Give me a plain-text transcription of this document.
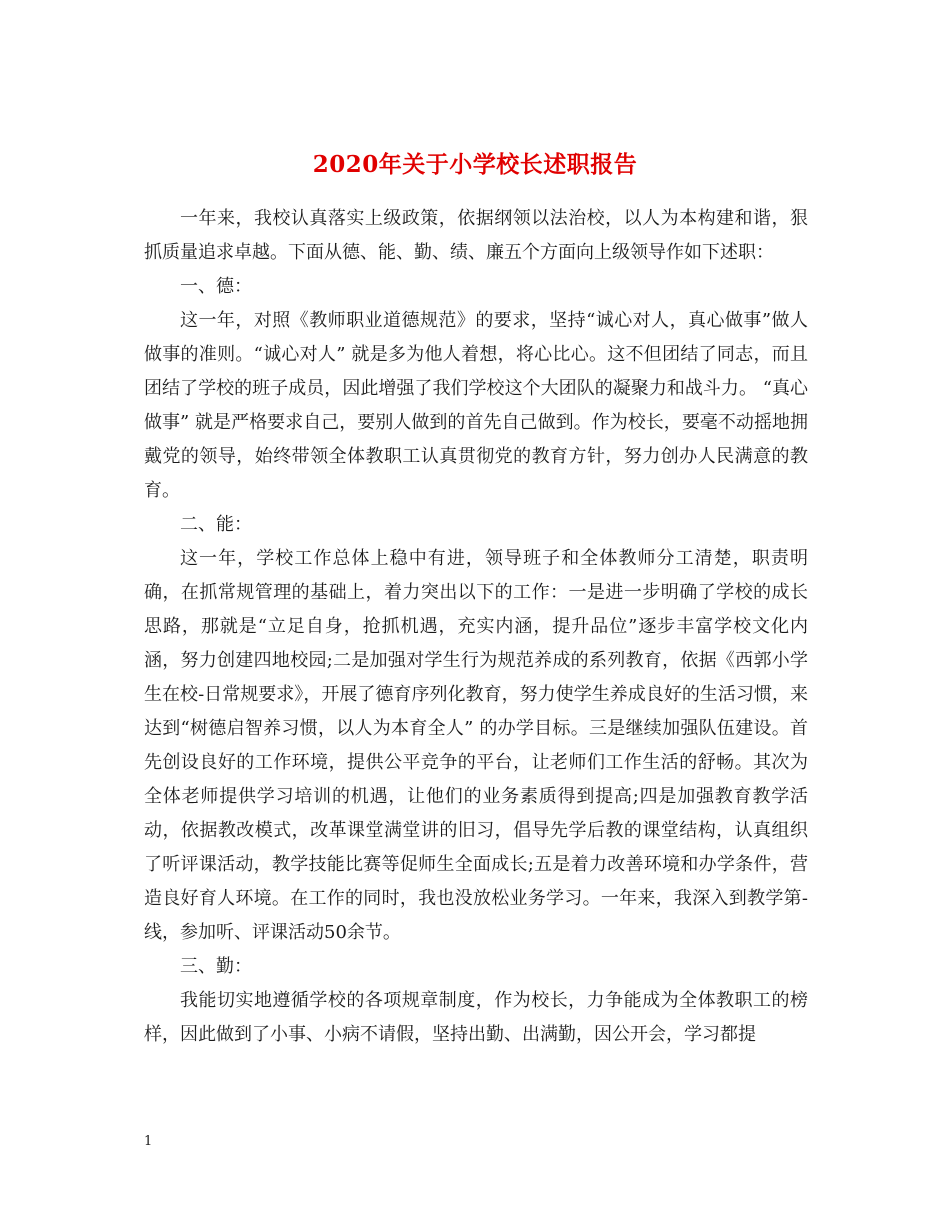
2020年关于小学校长述职报告

一年来，我校认真落实上级政策，依据纲领以法治校，以人为本构建和谐，狠抓质量追求卓越。下面从德、能、勤、绩、廉五个方面向上级领导作如下述职：

一、德：

这一年，对照《教师职业道德规范》的要求，坚持“诚心对人，真心做事”做人做事的准则。“诚心对人” 就是多为他人着想，将心比心。这不但团结了同志，而且团结了学校的班子成员，因此增强了我们学校这个大团队的凝聚力和战斗力。 “真心做事” 就是严格要求自己，要别人做到的首先自己做到。作为校长，要毫不动摇地拥戴党的领导，始终带领全体教职工认真贯彻党的教育方针，努力创办人民满意的教育。

二、能：

这一年，学校工作总体上稳中有进，领导班子和全体教师分工清楚，职责明确，在抓常规管理的基础上，着力突出以下的工作：一是进一步明确了学校的成长思路，那就是“立足自身，抢抓机遇，充实内涵，提升品位”逐步丰富学校文化内涵，努力创建四地校园;二是加强对学生行为规范养成的系列教育，依据《西郭小学生在校-日常规要求》，开展了德育序列化教育，努力使学生养成良好的生活习惯，来达到“树德启智养习惯，以人为本育全人” 的办学目标。三是继续加强队伍建设。首先创设良好的工作环境，提供公平竞争的平台，让老师们工作生活的舒畅。其次为全体老师提供学习培训的机遇，让他们的业务素质得到提高;四是加强教育教学活动，依据教改模式，改革课堂满堂讲的旧习，倡导先学后教的课堂结构，认真组织了听评课活动，教学技能比赛等促师生全面成长;五是着力改善环境和办学条件，营造良好育人环境。在工作的同时，我也没放松业务学习。一年来，我深入到教学第-线，参加听、评课活动50余节。

三、勤：

我能切实地遵循学校的各项规章制度，作为校长，力争能成为全体教职工的榜样，因此做到了小事、小病不请假，坚持出勤、出满勤，因公开会，学习都提

1
